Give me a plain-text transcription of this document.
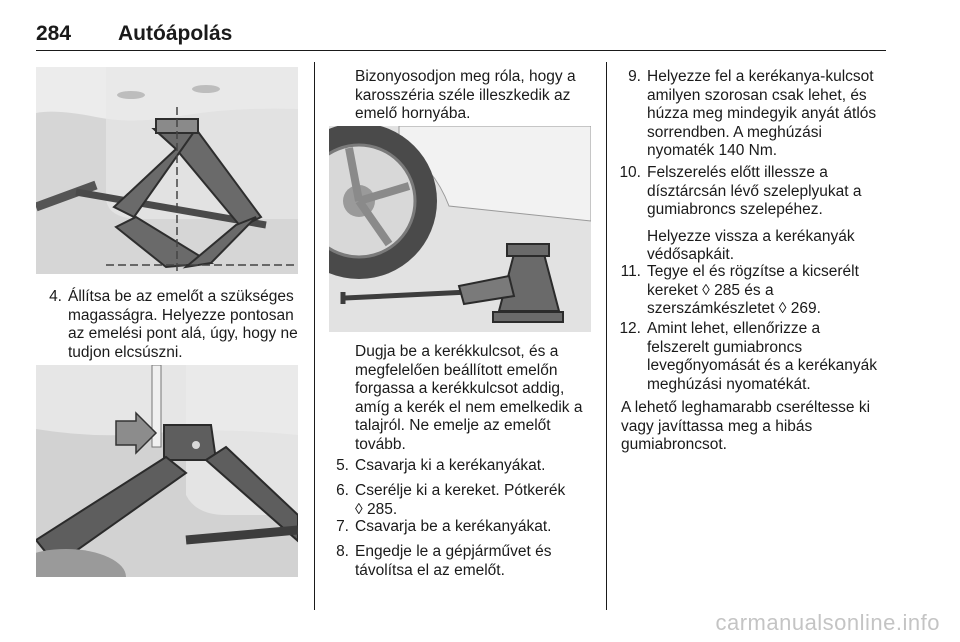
284 Autóápolás
4. Állítsa be az emelőt a szükséges
magasságra. Helyezze pontosan
az emelési pont alá, úgy, hogy ne
tudjon elcsúszni.
Bizonyosodjon meg róla, hogy a
karosszéria széle illeszkedik az
emelő hornyába.
Dugja be a kerékkulcsot, és a
megfelelően beállított emelőn
forgassa a kerékkulcsot addig,
amíg a kerék el nem emelkedik a
talajról. Ne emelje az emelőt
tovább.
5. Csavarja ki a kerékanyákat.
6. Cserélje ki a kereket. Pótkerék
◊ 285.
7. Csavarja be a kerékanyákat.
8. Engedje le a gépjárművet és
távolítsa el az emelőt.
9. Helyezze fel a kerékanya-kulcsot
amilyen szorosan csak lehet, és
húzza meg mindegyik anyát átlós
sorrendben. A meghúzási
nyomaték 140 Nm.
10. Felszerelés előtt illessze a
dísztárcsán lévő szeleplyukat a
gumiabroncs szelepéhez.
Helyezze vissza a kerékanyák
védősapkáit.
11. Tegye el és rögzítse a kicserélt
kereket ◊ 285 és a
szerszámkészletet ◊ 269.
12. Amint lehet, ellenőrizze a
felszerelt gumiabroncs
levegőnyomását és a kerékanyák
meghúzási nyomatékát.
A lehető leghamarabb cseréltesse ki
vagy javíttassa meg a hibás
gumiabroncsot.
carmanualsonline.info
